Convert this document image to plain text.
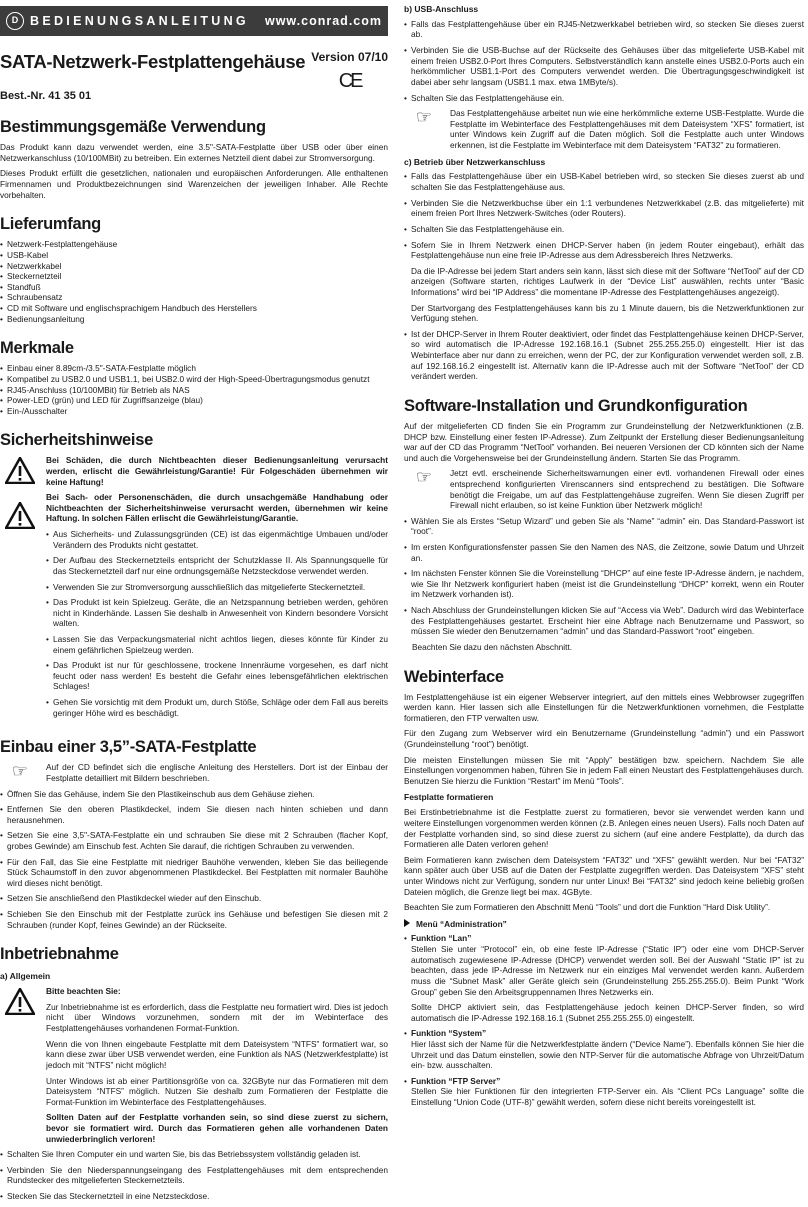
D BEDIENUNGSANLEITUNG www.conrad.com
SATA-Netzwerk-Festplattengehäuse Version 07/10
CE
Best.-Nr. 41 35 01
Bestimmungsgemäße Verwendung

Das Produkt kann dazu verwendet werden, eine 3.5"-SATA-Festplatte über USB oder über einen Netzwerkanschluss (10/100MBit) zu betreiben. Ein externes Netzteil dient dabei zur Stromversorgung.

Dieses Produkt erfüllt die gesetzlichen, nationalen und europäischen Anforderungen. Alle enthaltenen Firmennamen und Produktbezeichnungen sind Warenzeichen der jeweiligen Inhaber. Alle Rechte vorbehalten.

Lieferumfang
• Netzwerk-Festplattengehäuse
• USB-Kabel
• Netzwerkkabel
• Steckernetzteil
• Standfuß
• Schraubensatz
• CD mit Software und englischsprachigem Handbuch des Herstellers
• Bedienungsanleitung
Merkmale
• Einbau einer 8.89cm-/3.5"-SATA-Festplatte möglich
• Kompatibel zu USB2.0 und USB1.1, bei USB2.0 wird der High-Speed-Übertragungsmodus genutzt
• RJ45-Anschluss (10/100MBit) für Betrieb als NAS
• Power-LED (grün) und LED für Zugriffsanzeige (blau)
• Ein-/Ausschalter
Sicherheitshinweise

Bei Schäden, die durch Nichtbeachten dieser Bedienungsanleitung verursacht werden, erlischt die Gewährleistung/Garantie! Für Folgeschäden übernehmen wir keine Haftung!

Bei Sach- oder Personenschäden, die durch unsachgemäße Handhabung oder Nichtbeachten der Sicherheitshinweise verursacht werden, übernehmen wir keine Haftung. In solchen Fällen erlischt die Gewährleistung/Garantie.

• Aus Sicherheits- und Zulassungsgründen (CE) ist das eigenmächtige Umbauen und/oder Verändern des Produkts nicht gestattet.
• Der Aufbau des Steckernetzteils entspricht der Schutzklasse II. Als Spannungsquelle für das Steckernetzteil darf nur eine ordnungsgemäße Netzsteckdose verwendet werden.
• Verwenden Sie zur Stromversorgung ausschließlich das mitgelieferte Steckernetzteil.
• Das Produkt ist kein Spielzeug. Geräte, die an Netzspannung betrieben werden, gehören nicht in Kinderhände. Lassen Sie deshalb in Anwesenheit von Kindern besondere Vorsicht walten.
• Lassen Sie das Verpackungsmaterial nicht achtlos liegen, dieses könnte für Kinder zu einem gefährlichen Spielzeug werden.
• Das Produkt ist nur für geschlossene, trockene Innenräume vorgesehen, es darf nicht feucht oder nass werden! Es besteht die Gefahr eines lebensgefährlichen elektrischen Schlages!
• Gehen Sie vorsichtig mit dem Produkt um, durch Stöße, Schläge oder dem Fall aus bereits geringer Höhe wird es beschädigt.
Einbau einer 3,5”-SATA-Festplatte
☞	Auf der CD befindet sich die englische Anleitung des Herstellers. Dort ist der Einbau der Festplatte detailliert mit Bildern beschrieben.
• Öffnen Sie das Gehäuse, indem Sie den Plastikeinschub aus dem Gehäuse ziehen.
• Entfernen Sie den oberen Plastikdeckel, indem Sie diesen nach hinten schieben und dann herausnehmen.
• Setzen Sie eine 3,5"-SATA-Festplatte ein und schrauben Sie diese mit 2 Schrauben (flacher Kopf, grobes Gewinde) am Einschub fest. Achten Sie darauf, die richtigen Schrauben zu verwenden.
• Für den Fall, das Sie eine Festplatte mit niedriger Bauhöhe verwenden, kleben Sie das beiliegende Stück Schaumstoff in den zuvor abgenommenen Plastikdeckel. Bei Festplatten mit normaler Bauhöhe wird dieses nicht benötigt.
• Setzen Sie anschließend den Plastikdeckel wieder auf den Einschub.
• Schieben Sie den Einschub mit der Festplatte zurück ins Gehäuse und befestigen Sie diesen mit 2 Schrauben (runder Kopf, feines Gewinde) an der Rückseite.
Inbetriebnahme
a) Allgemein

Bitte beachten Sie:

Zur Inbetriebnahme ist es erforderlich, dass die Festplatte neu formatiert wird. Dies ist jedoch nicht über Windows vorzunehmen, sondern mit der im Webinterface des Festplattengehäuses vorhandenen Format-Funktion.

Wenn die von Ihnen eingebaute Festplatte mit dem Dateisystem “NTFS” formatiert war, so kann diese zwar über USB verwendet werden, eine Funktion als NAS (Netzwerkfestplatte) ist jedoch mit “NTFS” nicht möglich!

Unter Windows ist ab einer Partitionsgröße von ca. 32GByte nur das Formatieren mit dem Dateisystem “NTFS” möglich. Nutzen Sie deshalb zum Formatieren der Festplatte die Format-Funktion im Webinterface des Festplattengehäuses.

Sollten Daten auf der Festplatte vorhanden sein, so sind diese zuerst zu sichern, bevor sie formatiert wird. Durch das Formatieren gehen alle vorhandenen Daten unwiederbringlich verloren!

• Schalten Sie Ihren Computer ein und warten Sie, bis das Betriebssystem vollständig geladen ist.
• Verbinden Sie den Niederspannungseingang des Festplattengehäuses mit dem entsprechenden Rundstecker des mitgelieferten Steckernetzteils.
• Stecken Sie das Steckernetzteil in eine Netzsteckdose.
b) USB-Anschluss
• Falls das Festplattengehäuse über ein RJ45-Netzwerkkabel betrieben wird, so stecken Sie dieses zuerst ab.
• Verbinden Sie die USB-Buchse auf der Rückseite des Gehäuses über das mitgelieferte USB-Kabel mit einem freien USB2.0-Port Ihres Computers. Selbstverständlich kann anstelle eines USB2.0-Ports auch ein herkömmlicher USB1.1-Port des Computers verwendet werden. Die Übertragungsgeschwindigkeit ist dabei aber sehr langsam (USB1.1 max. etwa 1MByte/s).
• Schalten Sie das Festplattengehäuse ein.
☞	Das Festplattengehäuse arbeitet nun wie eine herkömmliche externe USB-Festplatte. Wurde die Festplatte im Webinterface des Festplattengehäuses mit dem Dateisystem “XFS” formatiert, ist unter Windows kein Zugriff auf die Daten möglich. Soll die Festplatte auch unter Windows erkennen, ist die Festplatte im Webinterface mit dem Dateisystem “FAT32” zu formatieren.
c) Betrieb über Netzwerkanschluss
• Falls das Festplattengehäuse über ein USB-Kabel betrieben wird, so stecken Sie dieses zuerst ab und schalten Sie das Festplattengehäuse aus.
• Verbinden Sie die Netzwerkbuchse über ein 1:1 verbundenes Netzwerkkabel (z.B. das mitgelieferte) mit einem freien Port Ihres Netzwerk-Switches (oder Routers).
• Schalten Sie das Festplattengehäuse ein.

• Sofern Sie in Ihrem Netzwerk einen DHCP-Server haben (in jedem Router eingebaut), erhält das Festplattengehäuse nun eine freie IP-Adresse aus dem Adressbereich Ihres Netzwerks.

Da die IP-Adresse bei jedem Start anders sein kann, lässt sich diese mit der Software “NetTool” auf der CD anzeigen (Software starten, richtiges Laufwerk in der “Device List” auswählen, rechts unter “Basic Informations” wird bei “IP Address” die momentane IP-Adresse des Festplattengehäuses angezeigt).

Der Startvorgang des Festplattengehäuses kann bis zu 1 Minute dauern, bis die Netzwerkfunktionen zur Verfügung stehen.

• Ist der DHCP-Server in Ihrem Router deaktiviert, oder findet das Festplattengehäuse keinen DHCP-Server, so wird automatisch die IP-Adresse 192.168.16.1 (Subnet 255.255.255.0) eingestellt. Hier ist das Webinterface aber nur dann zu erreichen, wenn der PC, der zur Konfiguration verwendet werden soll, z.B. auf 192.168.16.2 eingestellt ist. Alternativ kann die IP-Adresse auch mit der Software “NetTool” der CD verändert werden.
Software-Installation und Grundkonfiguration

Auf der mitgelieferten CD finden Sie ein Programm zur Grundeinstellung der Netzwerkfunktionen (z.B. DHCP bzw. Einstellung einer festen IP-Adresse). Zum Zeitpunkt der Erstellung dieser Bedienungsanleitung war auf der CD das Programm “NetTool” vorhanden. Bei neueren Versionen der CD könnten sich der Name und auch die Vorgehensweise bei der Grundeinstellung ändern. Starten Sie das Programm.

☞	Jetzt evtl. erscheinende Sicherheitswarnungen einer evtl. vorhandenen Firewall oder eines entsprechend konfigurierten Virenscanners sind entsprechend zu bestätigen. Die Software benötigt die Freigabe, um auf das Festplattengehäuse zugreifen. Wenn Sie diesen Zugriff per Firewall nicht erlauben, so ist keine Funktion über Netzwerk möglich!
• Wählen Sie als Erstes “Setup Wizard” und geben Sie als “Name” “admin” ein. Das Standard-Passwort ist “root”.
• Im ersten Konfigurationsfenster passen Sie den Namen des NAS, die Zeitzone, sowie Datum und Uhrzeit an.
• Im nächsten Fenster können Sie die Voreinstellung “DHCP” auf eine feste IP-Adresse ändern, je nachdem, wie Sie Ihr Netzwerk konfiguriert haben (meist ist die Grundeinstellung “DHCP” korrekt, wenn ein Router im Netzwerk vorhanden ist).
• Nach Abschluss der Grundeinstellungen klicken Sie auf “Access via Web”. Dadurch wird das Webinterface des Festplattengehäuses gestartet. Erscheint hier eine Abfrage nach Benutzername und Passwort, so müssen Sie wieder den Benutzernamen “admin” und das Standard-Passwort “root” eingeben.

Beachten Sie dazu den nächsten Abschnitt.

Webinterface

Im Festplattengehäuse ist ein eigener Webserver integriert, auf den mittels eines Webbrowser zugegriffen werden kann. Hier lassen sich alle Einstellungen für die Netzwerkfunktionen vornehmen, die Festplatte formatieren, den FTP verwalten usw.

Für den Zugang zum Webserver wird ein Benutzername (Grundeinstellung “admin”) und ein Passwort (Grundeinstellung “root”) benötigt.

Die meisten Einstellungen müssen Sie mit “Apply” bestätigen bzw. speichern. Nachdem Sie alle Einstellungen vorgenommen haben, führen Sie in jedem Fall einen Neustart des Festplattengehäuses durch. Benutzen Sie hierzu die Funktion “Restart” im Menü “Tools”.

Festplatte formatieren

Bei Erstinbetriebnahme ist die Festplatte zuerst zu formatieren, bevor sie verwendet werden kann und weitere Einstellungen vorgenommen werden können (z.B. Anlegen eines neuen Users). Falls noch Daten auf der Festplatte vorhanden sind, so sind diese zuerst zu sichern (auf eine andere Festplatte), da durch das Formatieren alle Daten verloren gehen!

Beim Formatieren kann zwischen dem Dateisystem “FAT32” und “XFS” gewählt werden. Nur bei “FAT32” kann später auch über USB auf die Daten der Festplatte zugegriffen werden. Das Dateisystem “XFS” steht unter Windows nicht zur Verfügung, sondern nur unter Linux! Bei “FAT32” sind jedoch keine beliebig großen Dateien möglich, die Grenze liegt bei max. 4GByte.

Beachten Sie zum Formatieren den Abschnitt Menü “Tools” und dort die Funktion “Hard Disk Utility”.

Menü “Administration”
• Funktion “Lan”

Stellen Sie unter “Protocol” ein, ob eine feste IP-Adresse (“Static IP”) oder eine vom DHCP-Server automatisch zugewiesene IP-Adresse (DHCP) verwendet werden soll. Bei der Auswahl “Static IP” ist zu beachten, dass jede IP-Adresse im Netzwerk nur ein einziges Mal verwendet werden kann. Außerdem muss die “Subnet Mask” aller Geräte gleich sein (Grundeinstellung 255.255.255.0). Beim Punkt “Work Group” geben Sie den Arbeitsgruppennamen Ihres Netzwerks ein.

Sollte DHCP aktiviert sein, das Festplattengehäuse jedoch keinen DHCP-Server finden, so wird automatisch die IP-Adresse 192.168.16.1 (Subnet 255.255.255.0) eingestellt.

• Funktion “System”

Hier lässt sich der Name für die Netzwerkfestplatte ändern (“Device Name”). Ebenfalls können Sie hier die Uhrzeit und das Datum einstellen, sowie den NTP-Server für die automatische Abfrage von Uhrzeit/Datum ein- bzw. ausschalten.

• Funktion “FTP Server”

Stellen Sie hier Funktionen für den integrierten FTP-Server ein. Als “Client PCs Language” sollte die Einstellung “Union Code (UTF-8)” gewählt werden, sofern diese nicht bereits voreingestellt ist.
